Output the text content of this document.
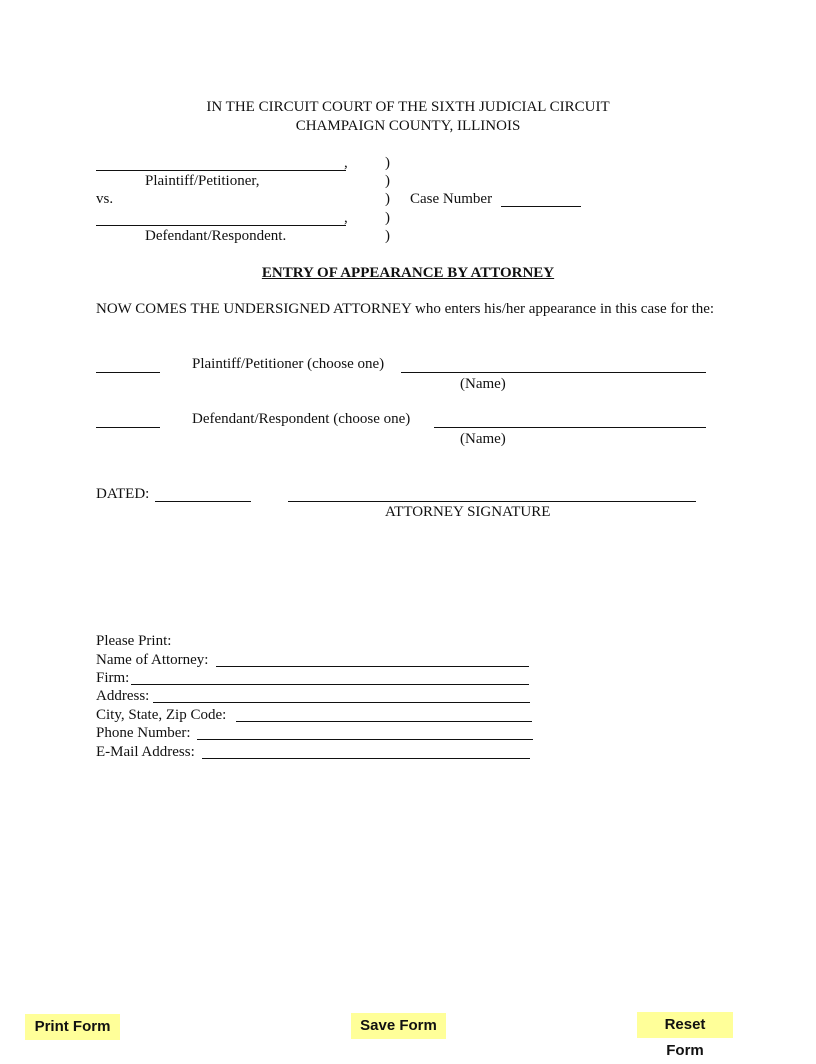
IN THE CIRCUIT COURT OF THE SIXTH JUDICIAL CIRCUIT
CHAMPAIGN COUNTY, ILLINOIS
,
Plaintiff/Petitioner,
vs.
,
Defendant/Respondent.
)
)
)
)
)
Case Number
ENTRY OF APPEARANCE BY ATTORNEY
NOW COMES THE UNDERSIGNED ATTORNEY who enters his/her appearance in this case for the:
Plaintiff/Petitioner (choose one)
(Name)
Defendant/Respondent (choose one)
(Name)
DATED:
ATTORNEY SIGNATURE
Please Print:
Name of Attorney:
Firm:
Address:
City, State, Zip Code:
Phone Number:
E-Mail Address:
Print Form	Save Form	Reset Form
